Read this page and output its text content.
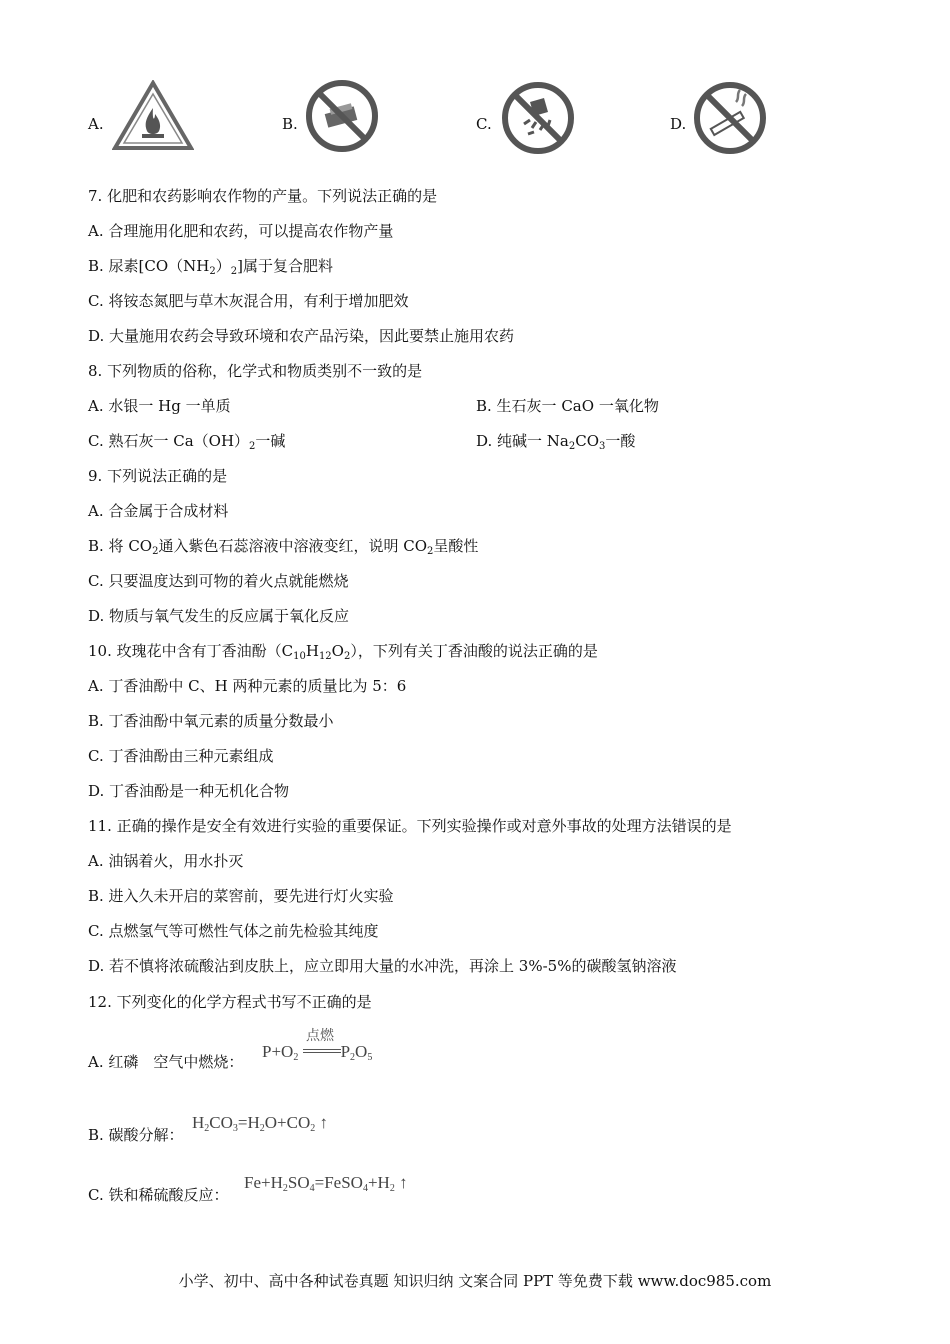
A.	B.	C.	D.
7. 化肥和农药影响农作物的产量。下列说法正确的是
A. 合理施用化肥和农药，可以提高农作物产量
B. 尿素$[CO(NH_2)_2]$属于复合肥料
C. 将铵态氮肥与草木灰混合用，有利于增加肥效
D. 大量施用农药会导致环境和农产品污染，因此要禁止施用农药
8. 下列物质的俗称，化学式和物质类别不一致的是
A. 水银一 Hg 一单质	B. 生石灰一 CaO 一氧化物
C. 熟石灰一 $Ca(OH)_2$一碱	D. 纯碱一 $Na_2CO_3$一酸
9. 下列说法正确的是
A. 合金属于合成材料
B. 将 $CO_2$通入紫色石蕊溶液中溶液变红，说明 $CO_2$呈酸性
C. 只要温度达到可物的着火点就能燃烧
D. 物质与氧气发生的反应属于氧化反应
10. 玫瑰花中含有丁香油酚$(C_{10}H_{12}O_2)$，下列有关丁香油酸的说法正确的是
A. 丁香油酚中 C、H 两种元素的质量比为 5：6
B. 丁香油酚中氧元素的质量分数最小
C. 丁香油酚由三种元素组成
D. 丁香油酚是一种无机化合物
11. 正确的操作是安全有效进行实验的重要保证。下列实验操作或对意外事故的处理方法错误的是
A. 油锅着火，用水扑灭
B. 进入久未开启的菜窖前，要先进行灯火实验
C. 点燃氢气等可燃性气体之前先检验其纯度
D. 若不慎将浓硫酸沾到皮肤上，应立即用大量的水冲洗，再涂上 3%-5%的碳酸氢钠溶液
12. 下列变化的化学方程式书写不正确的是
A. 红磷　空气中燃烧：
点燃
$P+O_2$ $P_2O_5$
B. 碳酸分解：
$H_2CO_3=H_2O+CO_2$ ↑
C. 铁和稀硫酸反应：
$Fe+H_2SO_4=FeSO_4+H_2$ ↑
小学、初中、高中各种试卷真题 知识归纳 文案合同 PPT 等免费下载 www.doc985.com
